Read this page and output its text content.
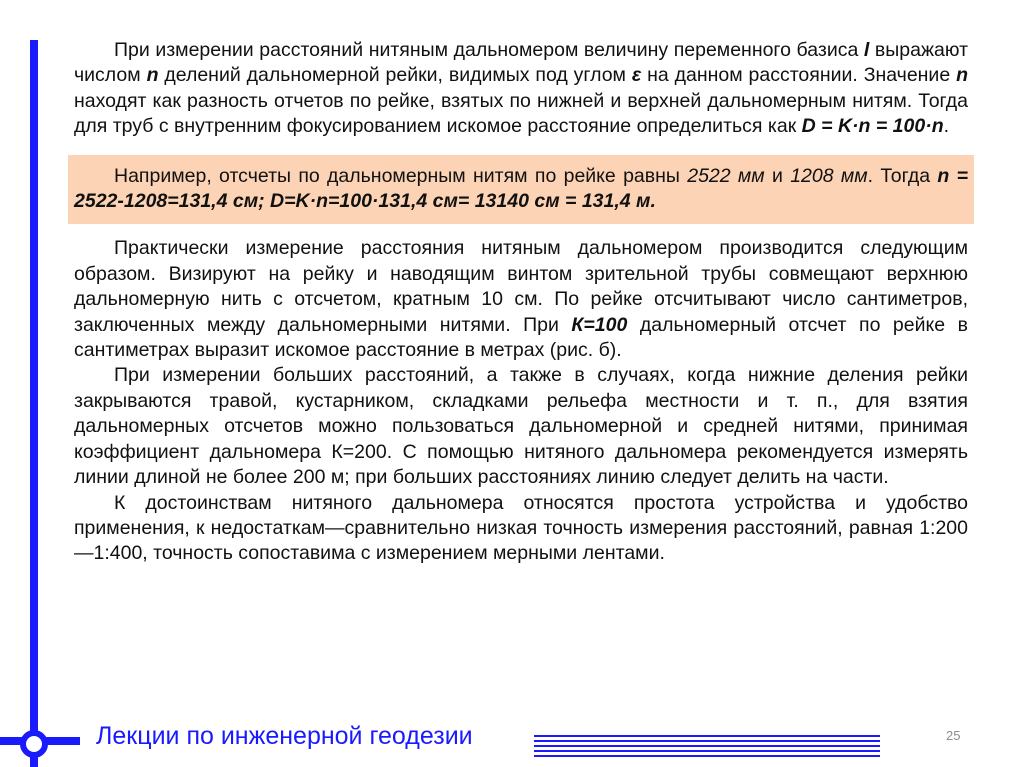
При измерении расстояний нитяным дальномером величину переменного базиса l выражают числом n делений дальномерной рейки, видимых под углом ε на данном расстоянии. Значение n находят как разность отчетов по рейке, взятых по нижней и верхней дальномерным нитям. Тогда для труб с внутренним фокусированием искомое расстояние определиться как D = K·n = 100·n.

Например, отсчеты по дальномерным нитям по рейке равны 2522 мм и 1208 мм. Тогда n = 2522-1208=131,4 см; D=K·n=100·131,4 см= 13140 см = 131,4 м.

Практически измерение расстояния нитяным дальномером производится следующим образом. Визируют на рейку и наводящим винтом зрительной трубы совмещают верхнюю дальномерную нить с отсчетом, кратным 10 см. По рейке отсчитывают число сантиметров, заключенных между дальномерными нитями. При К=100 дальномерный отсчет по рейке в сантиметрах выразит искомое расстояние в метрах (рис. б).

При измерении больших расстояний, а также в случаях, когда нижние деления рейки закрываются травой, кустарником, складками рельефа местности и т. п., для взятия дальномерных отсчетов можно пользоваться дальномерной и средней нитями, принимая коэффициент дальномера К=200. С помощью нитяного дальномера рекомендуется измерять линии длиной не более 200 м; при больших расстояниях линию следует делить на части.

К достоинствам нитяного дальномера относятся простота устройства и удобство применения, к недостаткам—сравнительно низкая точность измерения расстояний, равная 1:200—1:400, точность сопоставима с измерением мерными лентами.

Лекции по инженерной геодезии	25
